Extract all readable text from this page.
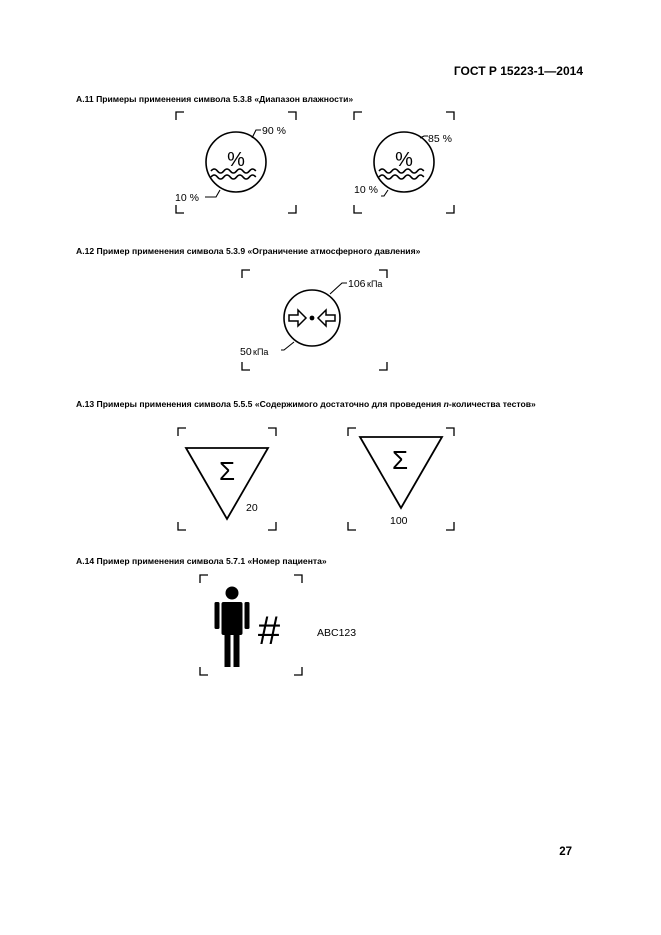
ГОСТ Р 15223-1—2014
А.11 Примеры применения символа 5.3.8 «Диапазон влажности»
%
90 %
10 %
%
85 %
10 %
А.12 Пример применения символа 5.3.9 «Ограничение атмосферного давления»
106 кПа
50 кПа
А.13 Примеры применения символа 5.5.5 «Содержимого достаточно для проведения n-количества тестов»
Σ
20
Σ
100
А.14 Пример применения символа 5.7.1 «Номер пациента»
#	ABC123
27
